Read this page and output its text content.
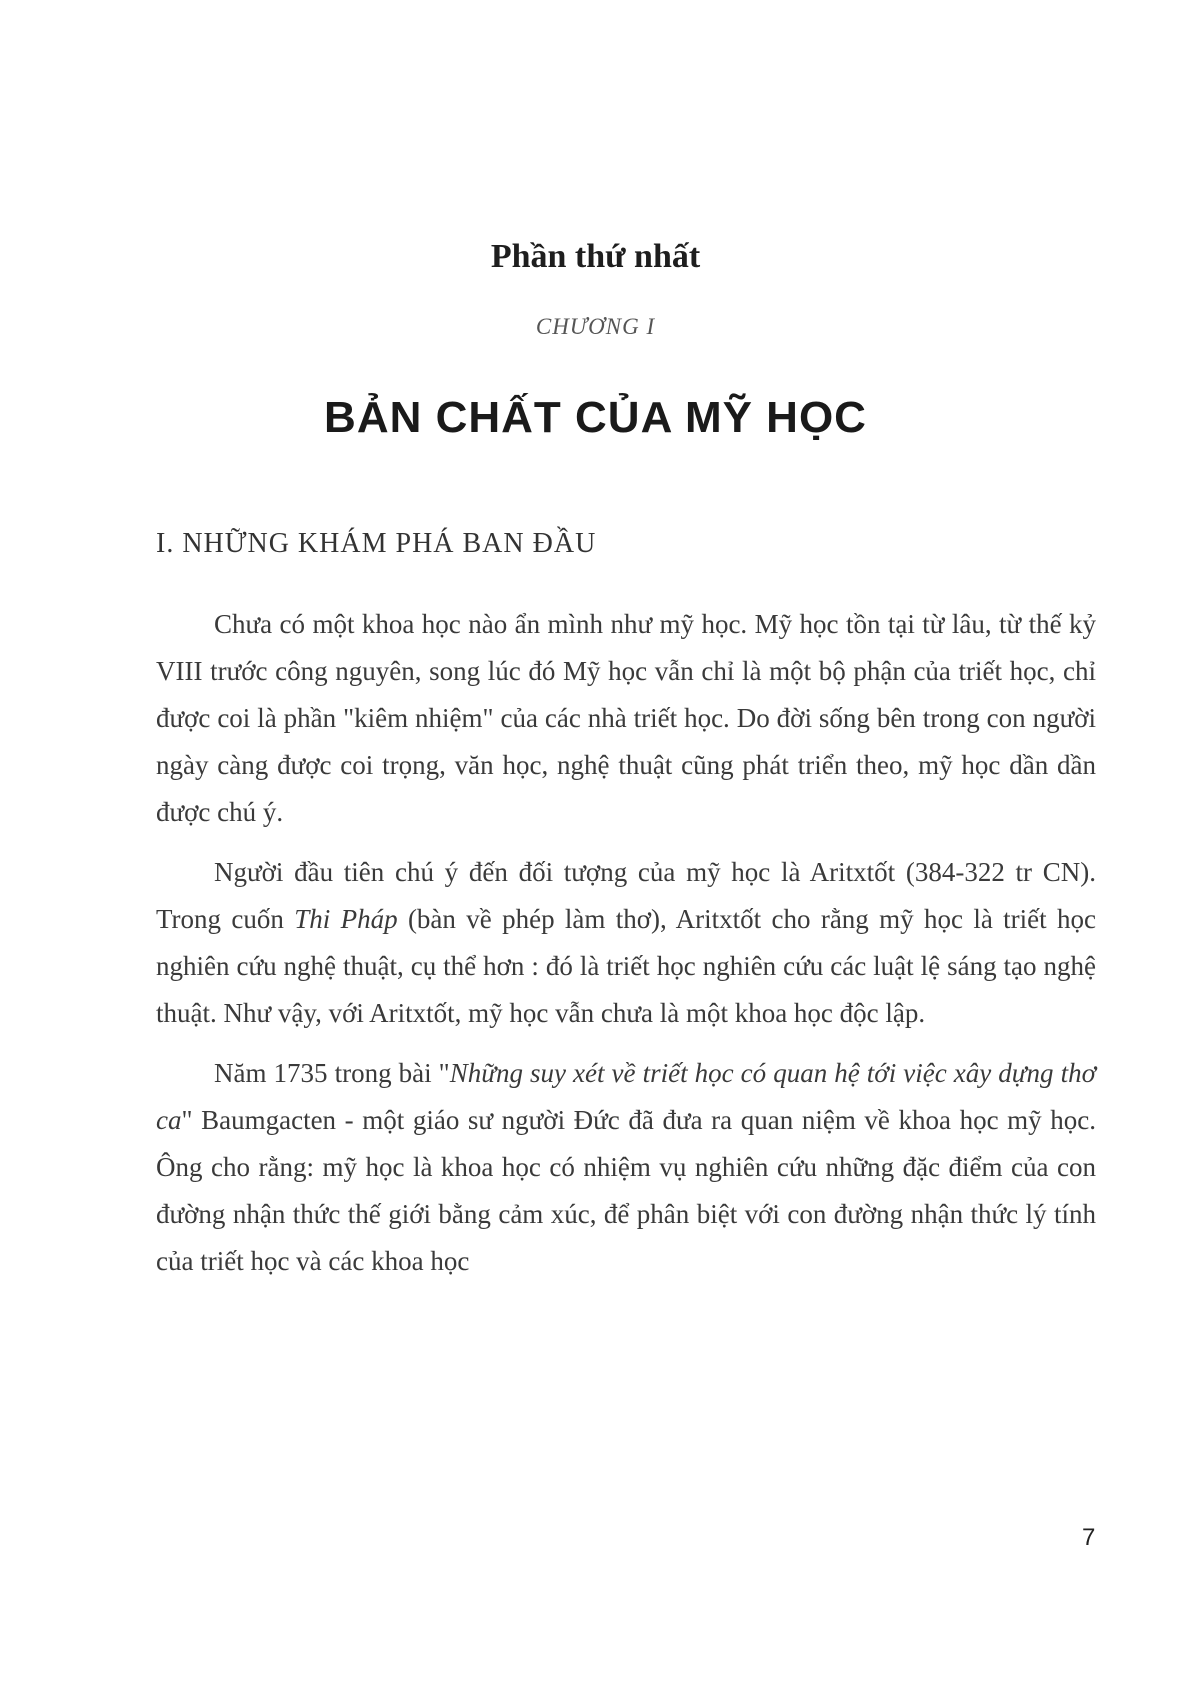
Phần thứ nhất
CHƯƠNG I
BẢN CHẤT CỦA MỸ HỌC
I. NHỮNG KHÁM PHÁ BAN ĐẦU

Chưa có một khoa học nào ẩn mình như mỹ học. Mỹ học tồn tại từ lâu, từ thế kỷ VIII trước công nguyên, song lúc đó Mỹ học vẫn chỉ là một bộ phận của triết học, chỉ được coi là phần "kiêm nhiệm" của các nhà triết học. Do đời sống bên trong con người ngày càng được coi trọng, văn học, nghệ thuật cũng phát triển theo, mỹ học dần dần được chú ý.

Người đầu tiên chú ý đến đối tượng của mỹ học là Aritxtốt (384-322 tr CN). Trong cuốn Thi Pháp (bàn về phép làm thơ), Aritxtốt cho rằng mỹ học là triết học nghiên cứu nghệ thuật, cụ thể hơn : đó là triết học nghiên cứu các luật lệ sáng tạo nghệ thuật. Như vậy, với Aritxtốt, mỹ học vẫn chưa là một khoa học độc lập.

Năm 1735 trong bài "Những suy xét về triết học có quan hệ tới việc xây dựng thơ ca" Baumgacten - một giáo sư người Đức đã đưa ra quan niệm về khoa học mỹ học. Ông cho rằng: mỹ học là khoa học có nhiệm vụ nghiên cứu những đặc điểm của con đường nhận thức thế giới bằng cảm xúc, để phân biệt với con đường nhận thức lý tính của triết học và các khoa học

7
